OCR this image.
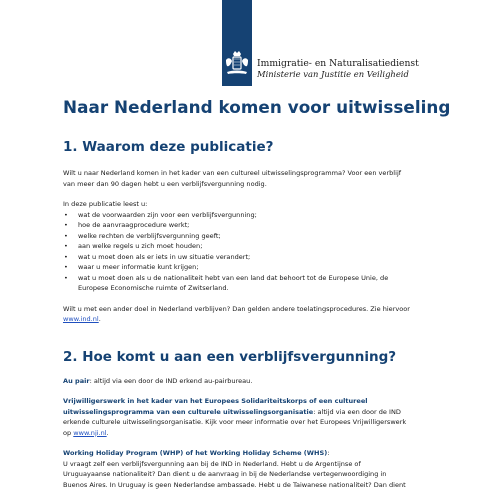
Immigratie- en Naturalisatiedienst
Ministerie van Justitie en Veiligheid
Naar Nederland komen voor uitwisseling
1. Waarom deze publicatie?

Wilt u naar Nederland komen in het kader van een cultureel uitwisselingsprogramma? Voor een verblijf

van meer dan 90 dagen hebt u een verblijfsvergunning nodig.

In deze publicatie leest u:

• wat de voorwaarden zijn voor een verblijfsvergunning;
• hoe de aanvraagprocedure werkt;
• welke rechten de verblijfsvergunning geeft;
• aan welke regels u zich moet houden;
• wat u moet doen als er iets in uw situatie verandert;
• waar u meer informatie kunt krijgen;
• wat u moet doen als u de nationaliteit hebt van een land dat behoort tot de Europese Unie, de

Europese Economische ruimte of Zwitserland.

Wilt u met een ander doel in Nederland verblijven? Dan gelden andere toelatingsprocedures. Zie hiervoor

www.ind.nl.

2. Hoe komt u aan een verblijfsvergunning?

Au pair: altijd via een door de IND erkend au-pairbureau.

Vrijwilligerswerk in het kader van het Europees Solidariteitskorps of een cultureel

uitwisselingsprogramma van een culturele uitwisselingsorganisatie: altijd via een door de IND

erkende culturele uitwisselingsorganisatie. Kijk voor meer informatie over het Europees Vrijwilligerswerk

op www.nji.nl.

Working Holiday Program (WHP) of het Working Holiday Scheme (WHS):

U vraagt zelf een verblijfsvergunning aan bij de IND in Nederland. Hebt u de Argentijnse of

Uruguayaanse nationaliteit? Dan dient u de aanvraag in bij de Nederlandse vertegenwoordiging in

Buenos Aires. In Uruguay is geen Nederlandse ambassade. Hebt u de Taiwanese nationaliteit? Dan dient
